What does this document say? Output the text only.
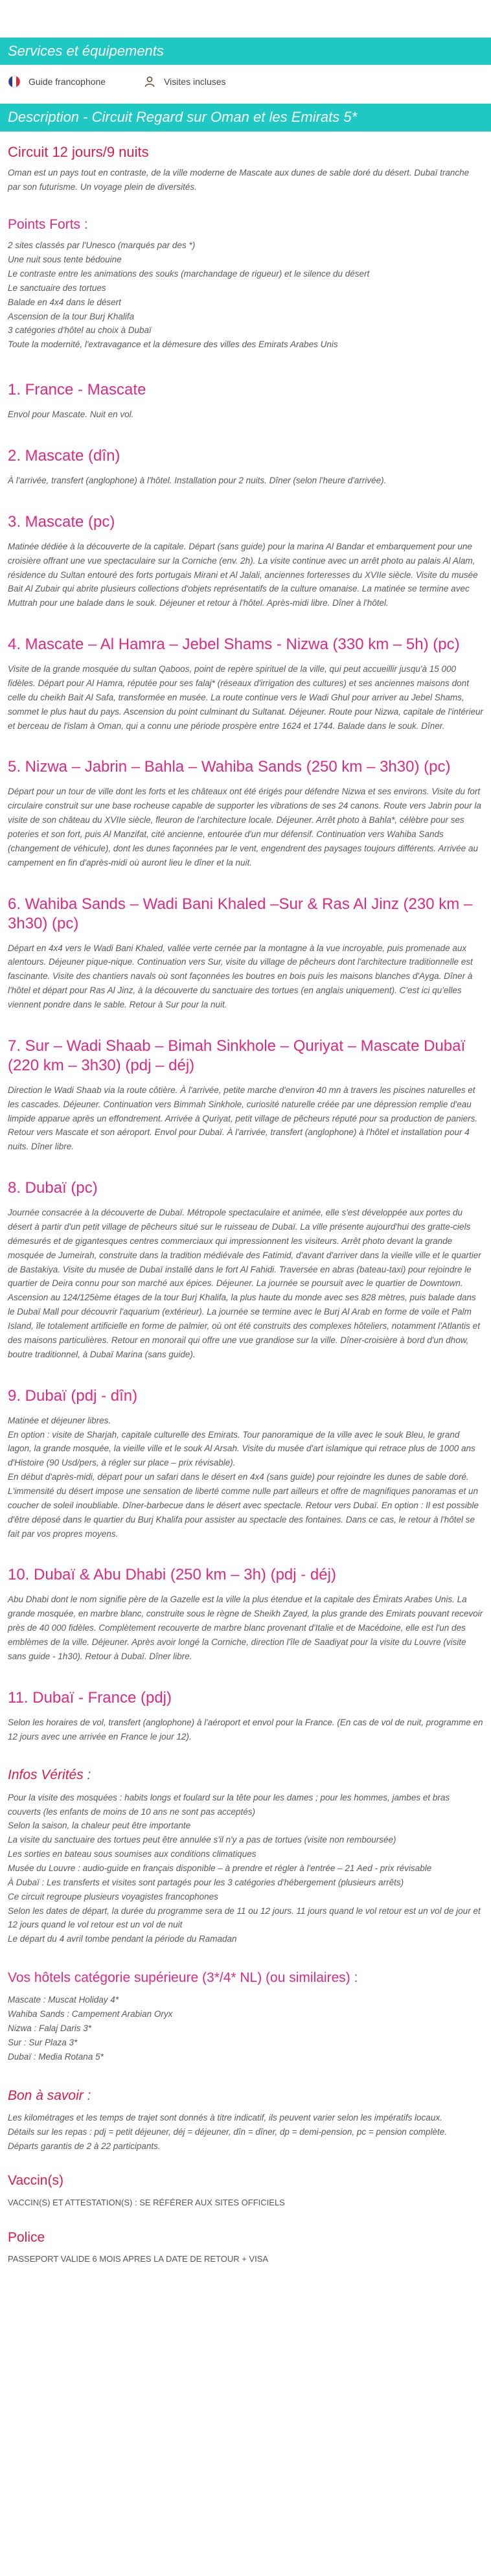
Services et équipements
Guide francophone	Visites incluses
Description - Circuit Regard sur Oman et les Emirats 5*
Circuit 12 jours/9 nuits

Oman est un pays tout en contraste, de la ville moderne de Mascate aux dunes de sable doré du désert. Dubaï tranche par son futurisme. Un voyage plein de diversités.

Points Forts :
2 sites classés par l'Unesco (marqués par des *)
Une nuit sous tente bédouine
Le contraste entre les animations des souks (marchandage de rigueur) et le silence du désert
Le sanctuaire des tortues
Balade en 4x4 dans le désert
Ascension de la tour Burj Khalifa
3 catégories d'hôtel au choix à Dubaï
Toute la modernité, l'extravagance et la démesure des villes des Emirats Arabes Unis
1. France - Mascate
Envol pour Mascate. Nuit en vol.
2. Mascate (dîn)
À l'arrivée, transfert (anglophone) à l'hôtel. Installation pour 2 nuits. Dîner (selon l'heure d'arrivée).
3. Mascate (pc)
Matinée dédiée à la découverte de la capitale. Départ (sans guide) pour la marina Al Bandar et embarquement pour une croisière offrant une vue spectaculaire sur la Corniche (env. 2h). La visite continue avec un arrêt photo au palais Al Alam, résidence du Sultan entouré des forts portugais Mirani et Al Jalali, anciennes forteresses du XVIIe siècle. Visite du musée Bait Al Zubair qui abrite plusieurs collections d'objets représentatifs de la culture omanaise. La matinée se termine avec Muttrah pour une balade dans le souk. Déjeuner et retour à l'hôtel. Après-midi libre. Dîner à l'hôtel.
4. Mascate – Al Hamra – Jebel Shams - Nizwa (330 km – 5h) (pc)
Visite de la grande mosquée du sultan Qaboos, point de repère spirituel de la ville, qui peut accueillir jusqu'à 15 000 fidèles. Départ pour Al Hamra, réputée pour ses falaj* (réseaux d'irrigation des cultures) et ses anciennes maisons dont celle du cheikh Bait Al Safa, transformée en musée. La route continue vers le Wadi Ghul pour arriver au Jebel Shams, sommet le plus haut du pays. Ascension du point culminant du Sultanat. Déjeuner. Route pour Nizwa, capitale de l'intérieur et berceau de l'islam à Oman, qui a connu une période prospère entre 1624 et 1744. Balade dans le souk. Dîner.
5. Nizwa – Jabrin – Bahla – Wahiba Sands (250 km – 3h30) (pc)
Départ pour un tour de ville dont les forts et les châteaux ont été érigés pour défendre Nizwa et ses environs. Visite du fort circulaire construit sur une base rocheuse capable de supporter les vibrations de ses 24 canons. Route vers Jabrin pour la visite de son château du XVIIe siècle, fleuron de l'architecture locale. Déjeuner. Arrêt photo à Bahla*, célèbre pour ses poteries et son fort, puis Al Manzifat, cité ancienne, entourée d'un mur défensif. Continuation vers Wahiba Sands (changement de véhicule), dont les dunes façonnées par le vent, engendrent des paysages toujours différents. Arrivée au campement en fin d'après-midi où auront lieu le dîner et la nuit.
6. Wahiba Sands – Wadi Bani Khaled –Sur & Ras Al Jinz (230 km – 3h30) (pc)
Départ en 4x4 vers le Wadi Bani Khaled, vallée verte cernée par la montagne à la vue incroyable, puis promenade aux alentours. Déjeuner pique-nique. Continuation vers Sur, visite du village de pêcheurs dont l'architecture traditionnelle est fascinante. Visite des chantiers navals où sont façonnées les boutres en bois puis les maisons blanches d'Ayga. Dîner à l'hôtel et départ pour Ras Al Jinz, à la découverte du sanctuaire des tortues (en anglais uniquement). C'est ici qu'elles viennent pondre dans le sable. Retour à Sur pour la nuit.
7. Sur – Wadi Shaab – Bimah Sinkhole – Quriyat – Mascate Dubaï (220 km – 3h30) (pdj – déj)
Direction le Wadi Shaab via la route côtière. À l'arrivée, petite marche d'environ 40 mn à travers les piscines naturelles et les cascades. Déjeuner. Continuation vers Bimmah Sinkhole, curiosité naturelle créée par une dépression remplie d'eau limpide apparue après un effondrement. Arrivée à Quriyat, petit village de pêcheurs réputé pour sa production de paniers. Retour vers Mascate et son aéroport. Envol pour Dubaï. À l'arrivée, transfert (anglophone) à l'hôtel et installation pour 4 nuits. Dîner libre.
8. Dubaï (pc)
Journée consacrée à la découverte de Dubaï. Métropole spectaculaire et animée, elle s'est développée aux portes du désert à partir d'un petit village de pêcheurs situé sur le ruisseau de Dubaï. La ville présente aujourd'hui des gratte-ciels démesurés et de gigantesques centres commerciaux qui impressionnent les visiteurs. Arrêt photo devant la grande mosquée de Jumeirah, construite dans la tradition médiévale des Fatimid, d'avant d'arriver dans la vieille ville et le quartier de Bastakiya. Visite du musée de Dubaï installé dans le fort Al Fahidi. Traversée en abras (bateau-taxi) pour rejoindre le quartier de Deira connu pour son marché aux épices. Déjeuner. La journée se poursuit avec le quartier de Downtown. Ascension au 124/125ème étages de la tour Burj Khalifa, la plus haute du monde avec ses 828 mètres, puis balade dans le Dubaï Mall pour découvrir l'aquarium (extérieur). La journée se termine avec le Burj Al Arab en forme de voile et Palm Island, île totalement artificielle en forme de palmier, où ont été construits des complexes hôteliers, notamment l'Atlantis et des maisons particulières. Retour en monorail qui offre une vue grandiose sur la ville. Dîner-croisière à bord d'un dhow, boutre traditionnel, à Dubaï Marina (sans guide).
9. Dubaï (pdj - dîn)

Matinée et déjeuner libres.

En option : visite de Sharjah, capitale culturelle des Emirats. Tour panoramique de la ville avec le souk Bleu, le grand lagon, la grande mosquée, la vieille ville et le souk Al Arsah. Visite du musée d'art islamique qui retrace plus de 1000 ans d'Histoire (90 Usd/pers, à régler sur place – prix révisable).

En début d'après-midi, départ pour un safari dans le désert en 4x4 (sans guide) pour rejoindre les dunes de sable doré. L'immensité du désert impose une sensation de liberté comme nulle part ailleurs et offre de magnifiques panoramas et un coucher de soleil inoubliable. Dîner-barbecue dans le désert avec spectacle. Retour vers Dubaï. En option : Il est possible d'être déposé dans le quartier du Burj Khalifa pour assister au spectacle des fontaines. Dans ce cas, le retour à l'hôtel se fait par vos propres moyens.

10. Dubaï & Abu Dhabi (250 km – 3h) (pdj - déj)
Abu Dhabi dont le nom signifie père de la Gazelle est la ville la plus étendue et la capitale des Émirats Arabes Unis. La grande mosquée, en marbre blanc, construite sous le règne de Sheikh Zayed, la plus grande des Emirats pouvant recevoir près de 40 000 fidèles. Complètement recouverte de marbre blanc provenant d'Italie et de Macédoine, elle est l'un des emblèmes de la ville. Déjeuner. Après avoir longé la Corniche, direction l'île de Saadiyat pour la visite du Louvre (visite sans guide - 1h30). Retour à Dubaï. Dîner libre.
11. Dubaï - France (pdj)
Selon les horaires de vol, transfert (anglophone) à l'aéroport et envol pour la France. (En cas de vol de nuit, programme en 12 jours avec une arrivée en France le jour 12).
Infos Vérités :
Pour la visite des mosquées : habits longs et foulard sur la tête pour les dames ; pour les hommes, jambes et bras couverts (les enfants de moins de 10 ans ne sont pas acceptés)
Selon la saison, la chaleur peut être importante
La visite du sanctuaire des tortues peut être annulée s'il n'y a pas de tortues (visite non remboursée)
Les sorties en bateau sous soumises aux conditions climatiques
Musée du Louvre : audio-guide en français disponible – à prendre et régler à l'entrée – 21 Aed - prix révisable
À Dubaï : Les transferts et visites sont partagés pour les 3 catégories d'hébergement (plusieurs arrêts)
Ce circuit regroupe plusieurs voyagistes francophones
Selon les dates de départ, la durée du programme sera de 11 ou 12 jours. 11 jours quand le vol retour est un vol de jour et 12 jours quand le vol retour est un vol de nuit
Le départ du 4 avril tombe pendant la période du Ramadan
Vos hôtels catégorie supérieure (3*/4* NL) (ou similaires) :
Mascate : Muscat Holiday 4*
Wahiba Sands : Campement Arabian Oryx
Nizwa : Falaj Daris 3*
Sur : Sur Plaza 3*
Dubaï : Media Rotana 5*
Bon à savoir :
Les kilométrages et les temps de trajet sont donnés à titre indicatif, ils peuvent varier selon les impératifs locaux.
Détails sur les repas : pdj = petit déjeuner, déj = déjeuner, dîn = dîner, dp = demi-pension, pc = pension complète.
Départs garantis de 2 à 22 participants.
Vaccin(s)
VACCIN(S) ET ATTESTATION(S) : SE RÉFÉRER AUX SITES OFFICIELS
Police
PASSEPORT VALIDE 6 MOIS APRES LA DATE DE RETOUR + VISA
